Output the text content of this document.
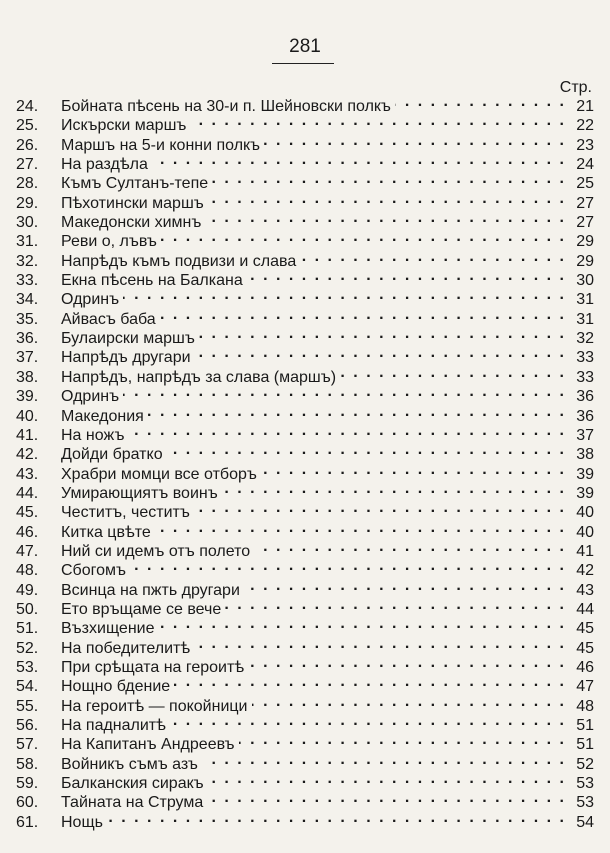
281
Стр.
24.	Бойната пѣсень на 30-и п. Шейновски полкъ . . .	21
25.	Искърски маршъ . . .	22
26.	Маршъ на 5-и конни полкъ . . .	23
27.	На раздѣла . . .	24
28.	Къмъ Султанъ-тепе . . .	25
29.	Пѣхотински маршъ . . .	27
30.	Македонски химнъ . . .	27
31.	Реви о, лъвъ . . .	29
32.	Напрѣдъ къмъ подвизи и слава . . .	29
33.	Екна пѣсень на Балкана . . .	30
34.	Одринъ . . .	31
35.	Айвасъ баба . . .	31
36.	Булаирски маршъ . . .	32
37.	Напрѣдъ другари . . .	33
38.	Напрѣдъ, напрѣдъ за слава (маршъ) . . .	33
39.	Одринъ . . .	36
40.	Македония . . .	36
41.	На ножъ . . .	37
42.	Дойди братко . . .	38
43.	Храбри момци все отборъ . . .	39
44.	Умирающиятъ воинъ . . .	39
45.	Честитъ, честитъ . . .	40
46.	Китка цвѣте . . .	40
47.	Ний си идемъ отъ полето . . .	41
48.	Сбогомъ . . .	42
49.	Всинца на пжть другари . . .	43
50.	Ето връщаме се вече . . .	44
51.	Възхищение . . .	45
52.	На победителитѣ . . .	45
53.	При срѣщата на героитѣ . . .	46
54.	Нощно бдение . . .	47
55.	На героитѣ — покойници . . .	48
56.	На падналитѣ . . .	51
57.	На Капитанъ Андреевъ . . .	51
58.	Войникъ съмъ азъ . . .	52
59.	Балканския сиракъ . . .	53
60.	Тайната на Струма . . .	53
61.	Нощь . . .	54
